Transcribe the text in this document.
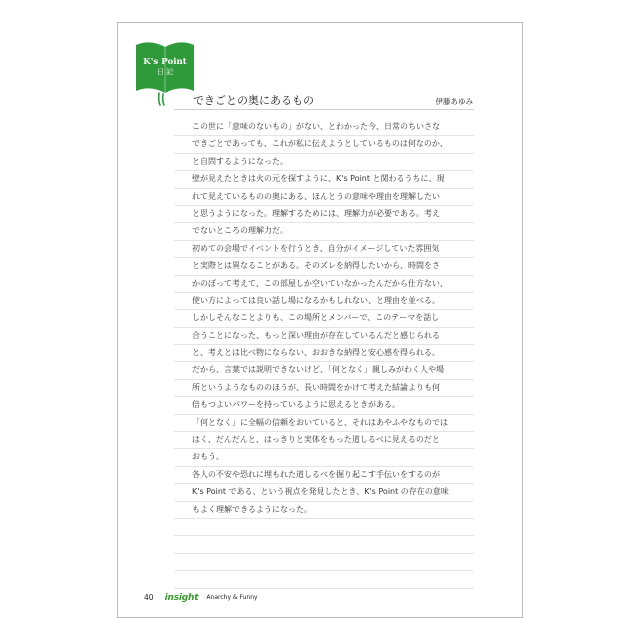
K's Point
日 記
できごとの奥にあるもの	伊藤あゆみ
この世に「意味のないもの」がない、とわかった今、日常のちいさな
できごとであっても、これが私に伝えようとしているものは何なのか、
と自問するようになった。
壁が見えたときは火の元を探すように、K's Point と関わるうちに、現
れて見えているものの奥にある、ほんとうの意味や理由を理解したい
と思うようになった。理解するためには、理解力が必要である。考え
でないところの理解力だ。
初めての会場でイベントを行うとき、自分がイメージしていた雰囲気
と実際とは異なることがある。そのズレを納得したいから、時間をさ
かのぼって考えて、この部屋しか空いていなかったんだから仕方ない、
使い方によっては良い話し場になるかもしれない、と理由を並べる。
しかしそんなことよりも、この場所とメンバーで、このテーマを話し
合うことになった、もっと深い理由が存在しているんだと感じられる
と、考えとは比べ物にならない、おおきな納得と安心感を得られる。
だから、言葉では説明できないけど、「何となく」親しみがわく人や場
所というようなもののほうが、長い時間をかけて考えた結論よりも何
倍もつよいパワーを持っているように思えるときがある。
「何となく」に全幅の信頼をおいていると、それはあやふやなものでは
はく、だんだんと、はっきりと実体をもった道しるべに見えるのだと
おもう。
各人の不安や恐れに埋もれた道しるべを掘り起こす手伝いをするのが
K's Point である、という視点を発見したとき、K's Point の存在の意味
もよく理解できるようになった。
40 insight Anarchy & Funny
